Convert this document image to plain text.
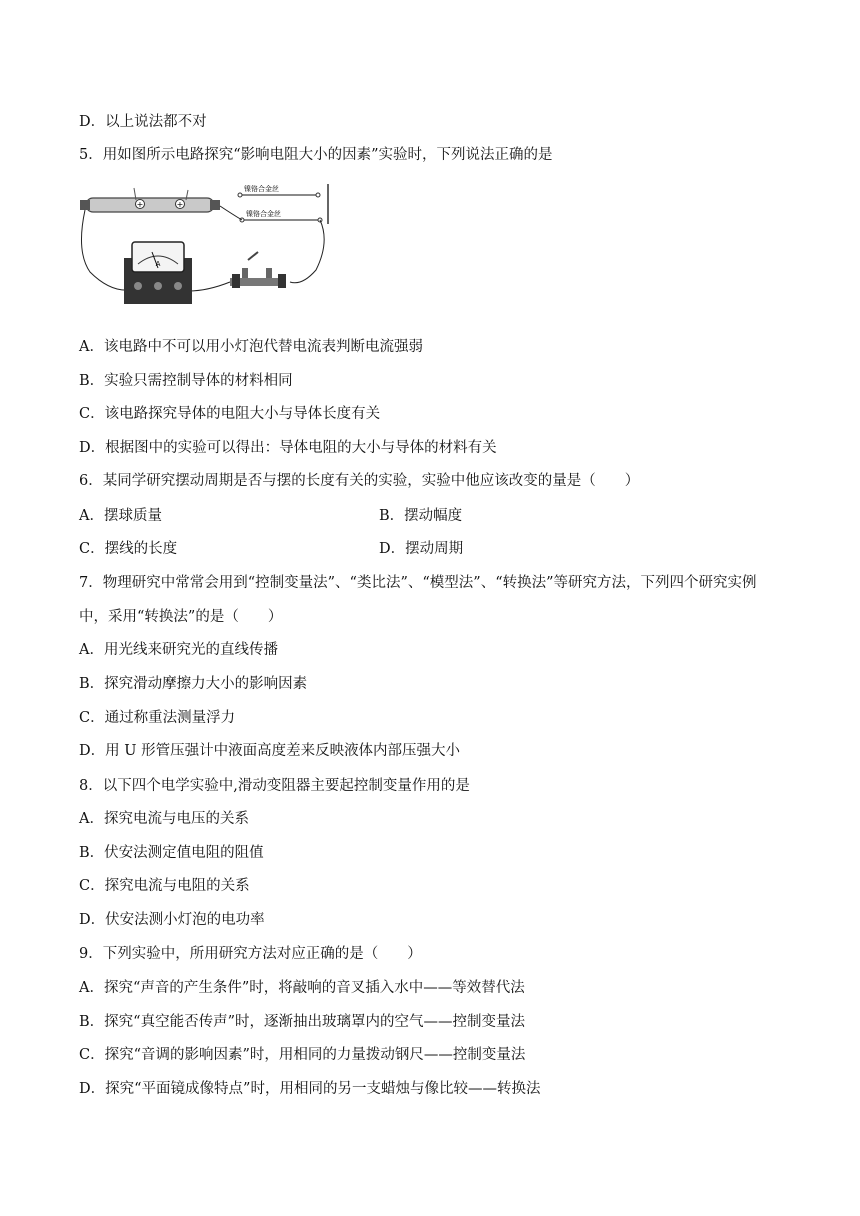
D．以上说法都不对
5．用如图所示电路探究“影响电阻大小的因素”实验时，下列说法正确的是
+	+
镍铬合金丝
镍铬合金丝
A
A．该电路中不可以用小灯泡代替电流表判断电流强弱
B．实验只需控制导体的材料相同
C．该电路探究导体的电阻大小与导体长度有关
D．根据图中的实验可以得出：导体电阻的大小与导体的材料有关
6．某同学研究摆动周期是否与摆的长度有关的实验，实验中他应该改变的量是（　　）
A．摆球质量	B．摆动幅度
C．摆线的长度	D．摆动周期
7．物理研究中常常会用到“控制变量法”、“类比法”、“模型法”、“转换法”等研究方法，下列四个研究实例
中，采用“转换法”的是（　　）
A．用光线来研究光的直线传播
B．探究滑动摩擦力大小的影响因素
C．通过称重法测量浮力
D．用 U 形管压强计中液面高度差来反映液体内部压强大小
8．以下四个电学实验中,滑动变阻器主要起控制变量作用的是
A．探究电流与电压的关系
B．伏安法测定值电阻的阻值
C．探究电流与电阻的关系
D．伏安法测小灯泡的电功率
9．下列实验中，所用研究方法对应正确的是（　　）
A．探究“声音的产生条件”时，将敲响的音叉插入水中——等效替代法
B．探究“真空能否传声”时，逐渐抽出玻璃罩内的空气——控制变量法
C．探究“音调的影响因素”时，用相同的力量拨动钢尺——控制变量法
D．探究“平面镜成像特点”时，用相同的另一支蜡烛与像比较——转换法
